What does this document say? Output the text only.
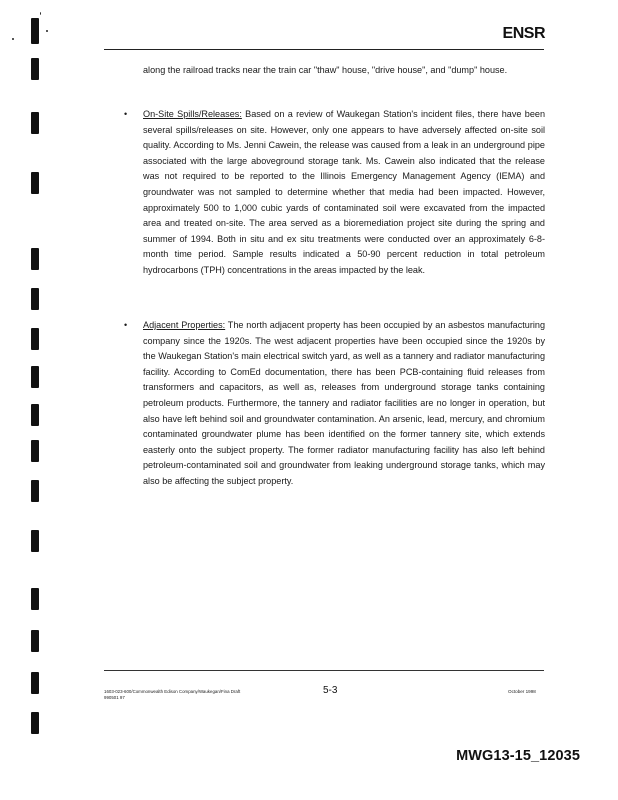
ENSR
along the railroad tracks near the train car "thaw" house, "drive house", and "dump" house.
• On-Site Spills/Releases: Based on a review of Waukegan Station's incident files, there have been several spills/releases on site. However, only one appears to have adversely affected on-site soil quality. According to Ms. Jenni Cawein, the release was caused from a leak in an underground pipe associated with the large aboveground storage tank. Ms. Cawein also indicated that the release was not required to be reported to the Illinois Emergency Management Agency (IEMA) and groundwater was not sampled to determine whether that media had been impacted. However, approximately 500 to 1,000 cubic yards of contaminated soil were excavated from the impacted area and treated on-site. The area served as a bioremediation project site during the spring and summer of 1994. Both in situ and ex situ treatments were conducted over an approximately 6-8-month time period. Sample results indicated a 50-90 percent reduction in total petroleum hydrocarbons (TPH) concentrations in the areas impacted by the leak.
• Adjacent Properties: The north adjacent property has been occupied by an asbestos manufacturing company since the 1920s. The west adjacent properties have been occupied since the 1920s by the Waukegan Station's main electrical switch yard, as well as a tannery and radiator manufacturing facility. According to ComEd documentation, there has been PCB-containing fluid releases from transformers and capacitors, as well as, releases from underground storage tanks containing petroleum products. Furthermore, the tannery and radiator facilities are no longer in operation, but also have left behind soil and groundwater contamination. An arsenic, lead, mercury, and chromium contaminated groundwater plume has been identified on the former tannery site, which extends easterly onto the subject property. The former radiator manufacturing facility has also left behind petroleum-contaminated soil and groundwater from leaking underground storage tanks, which may also be affecting the subject property.
1603-023-600/Commonwealth Edison Company/Waukegan/Fina Draft
990501 97
5-3	October 1998
MWG13-15_12035
